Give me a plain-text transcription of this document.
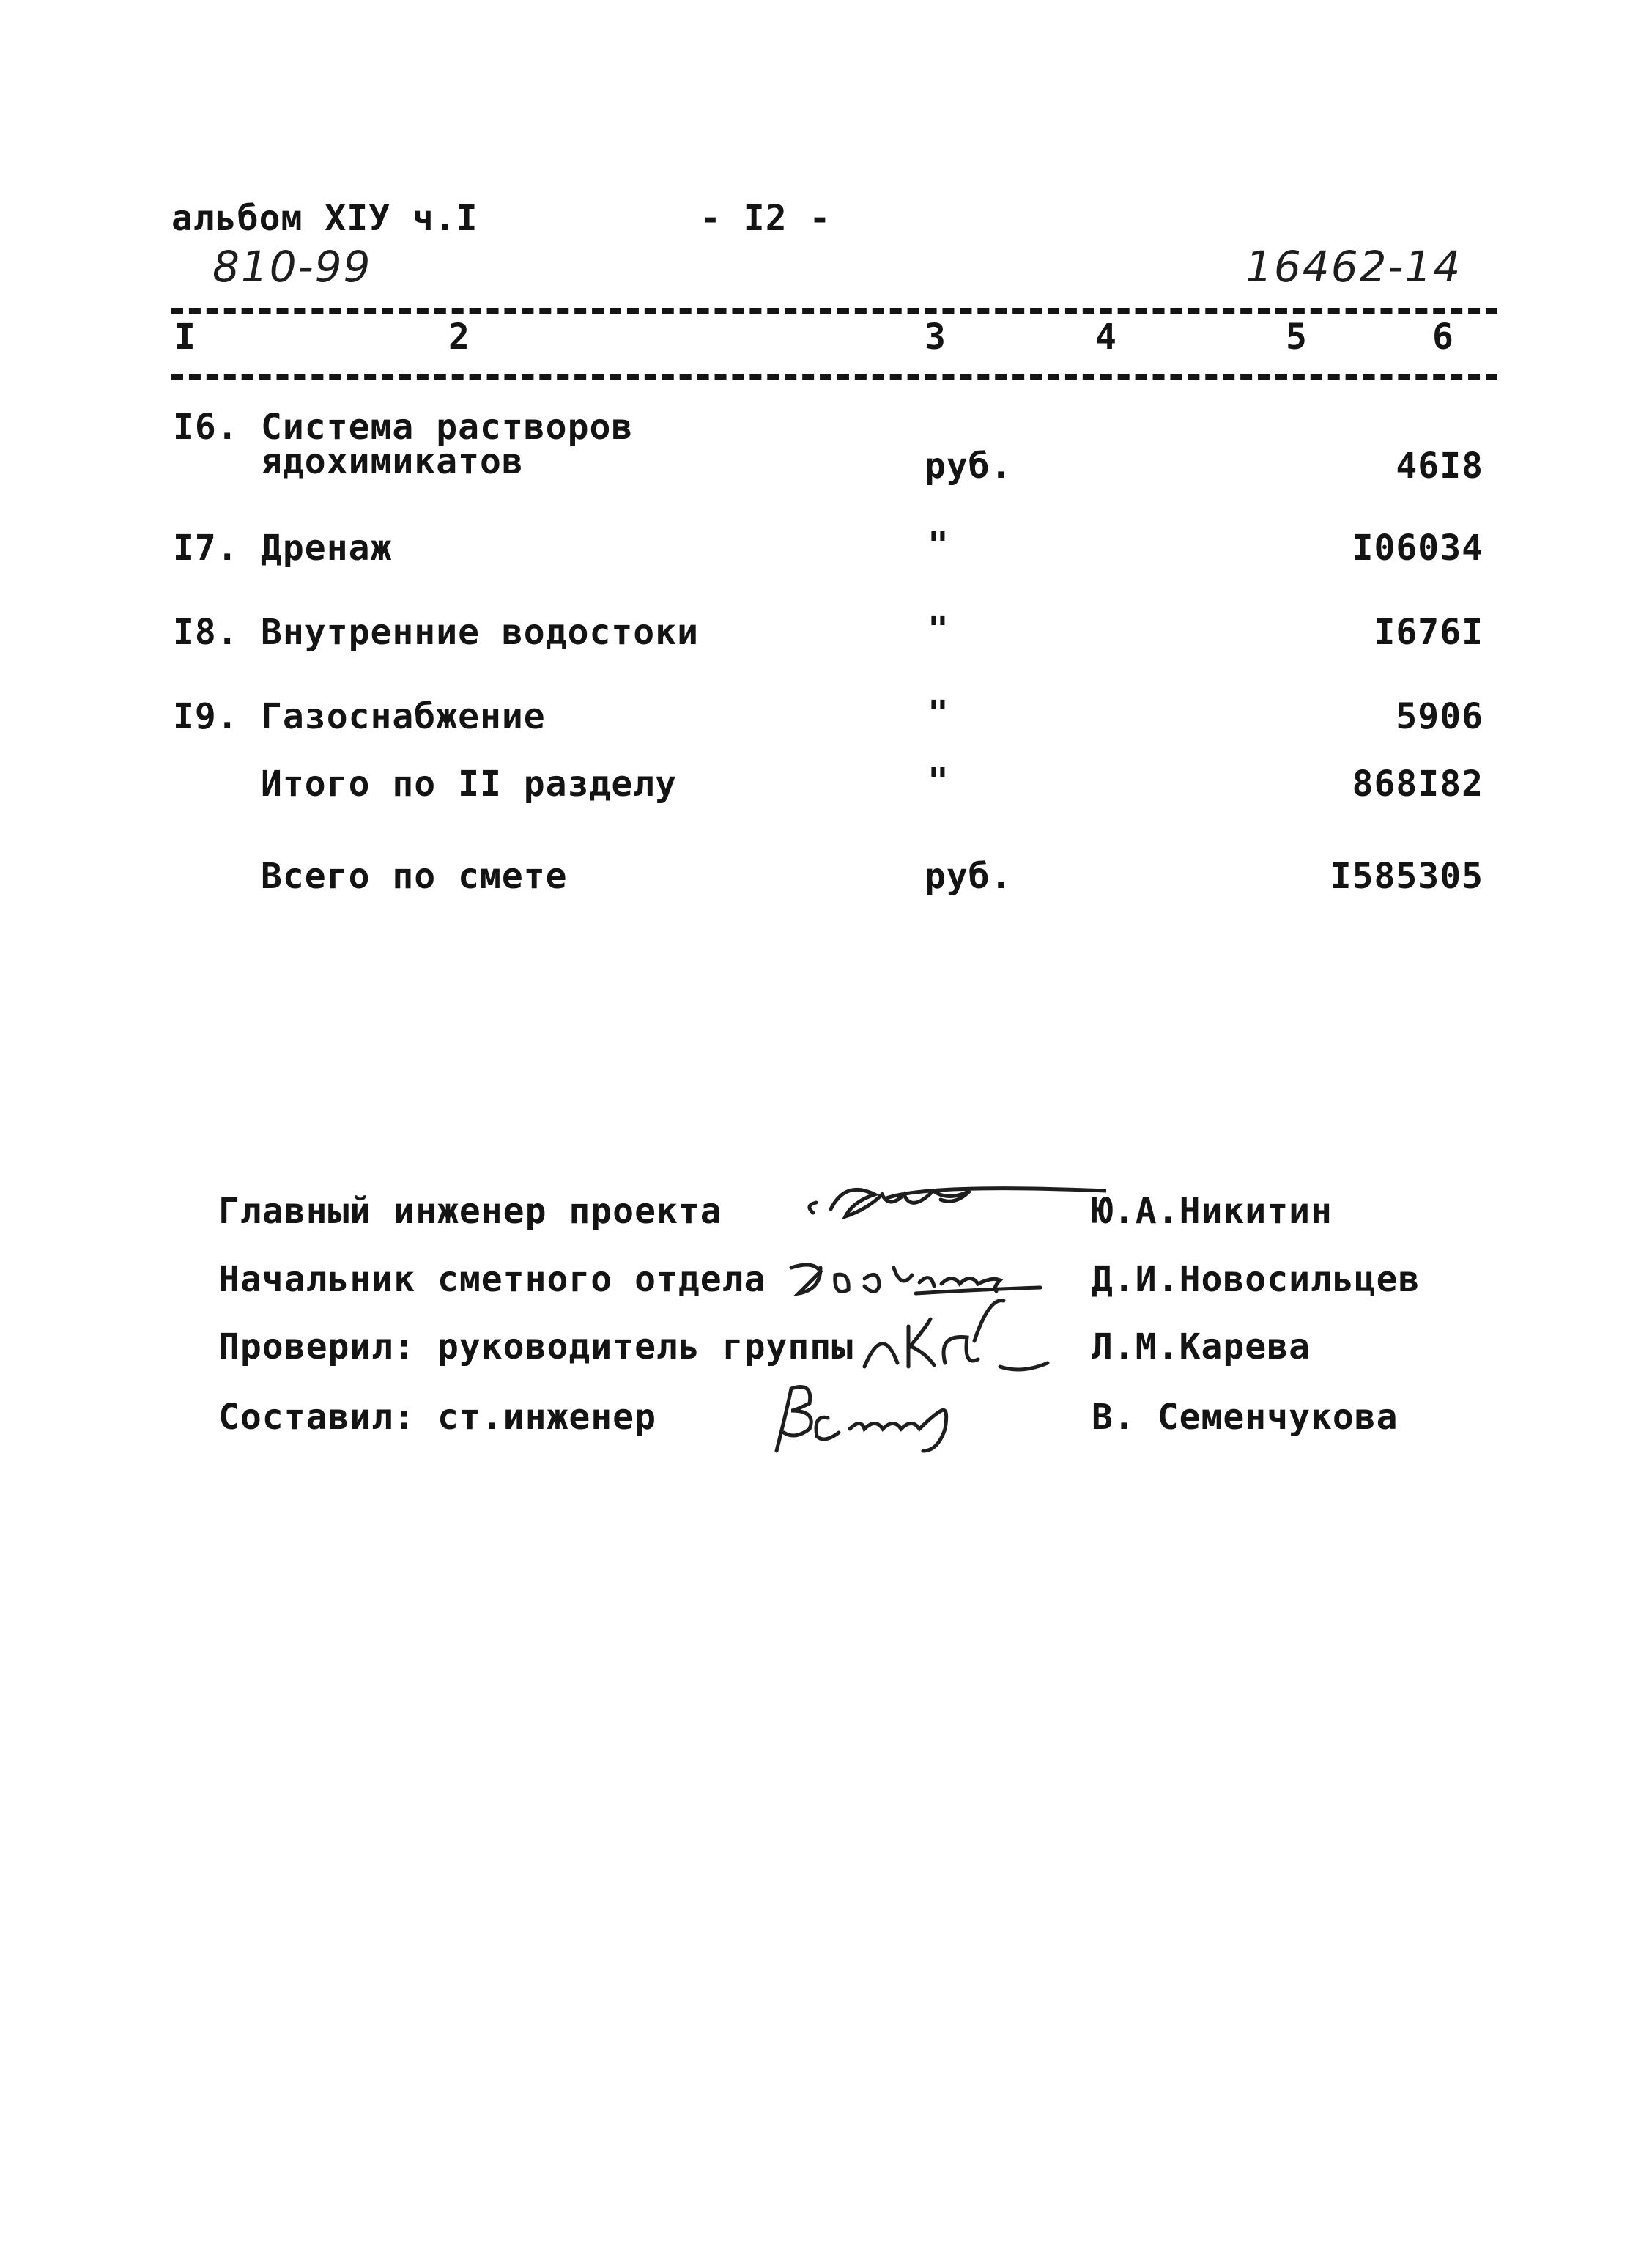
альбом XIУ ч.I	- I2 -
810-99	16462-14
I	2	3	4	5	6
I6. Система растворов
ядохимикатов	руб.	46I8
I7. Дренаж	"	I06034
I8. Внутренние водостоки	"	I676I
I9. Газоснабжение	"	5906
Итого по II разделу	"	868I82
Всего по смете	руб.	I585305
Главный инженер проекта	Ю.А.Никитин
Начальник сметного отдела	Д.И.Новосильцев
Проверил: руководитель группы	Л.М.Карева
Составил: ст.инженер	В. Семенчукова
